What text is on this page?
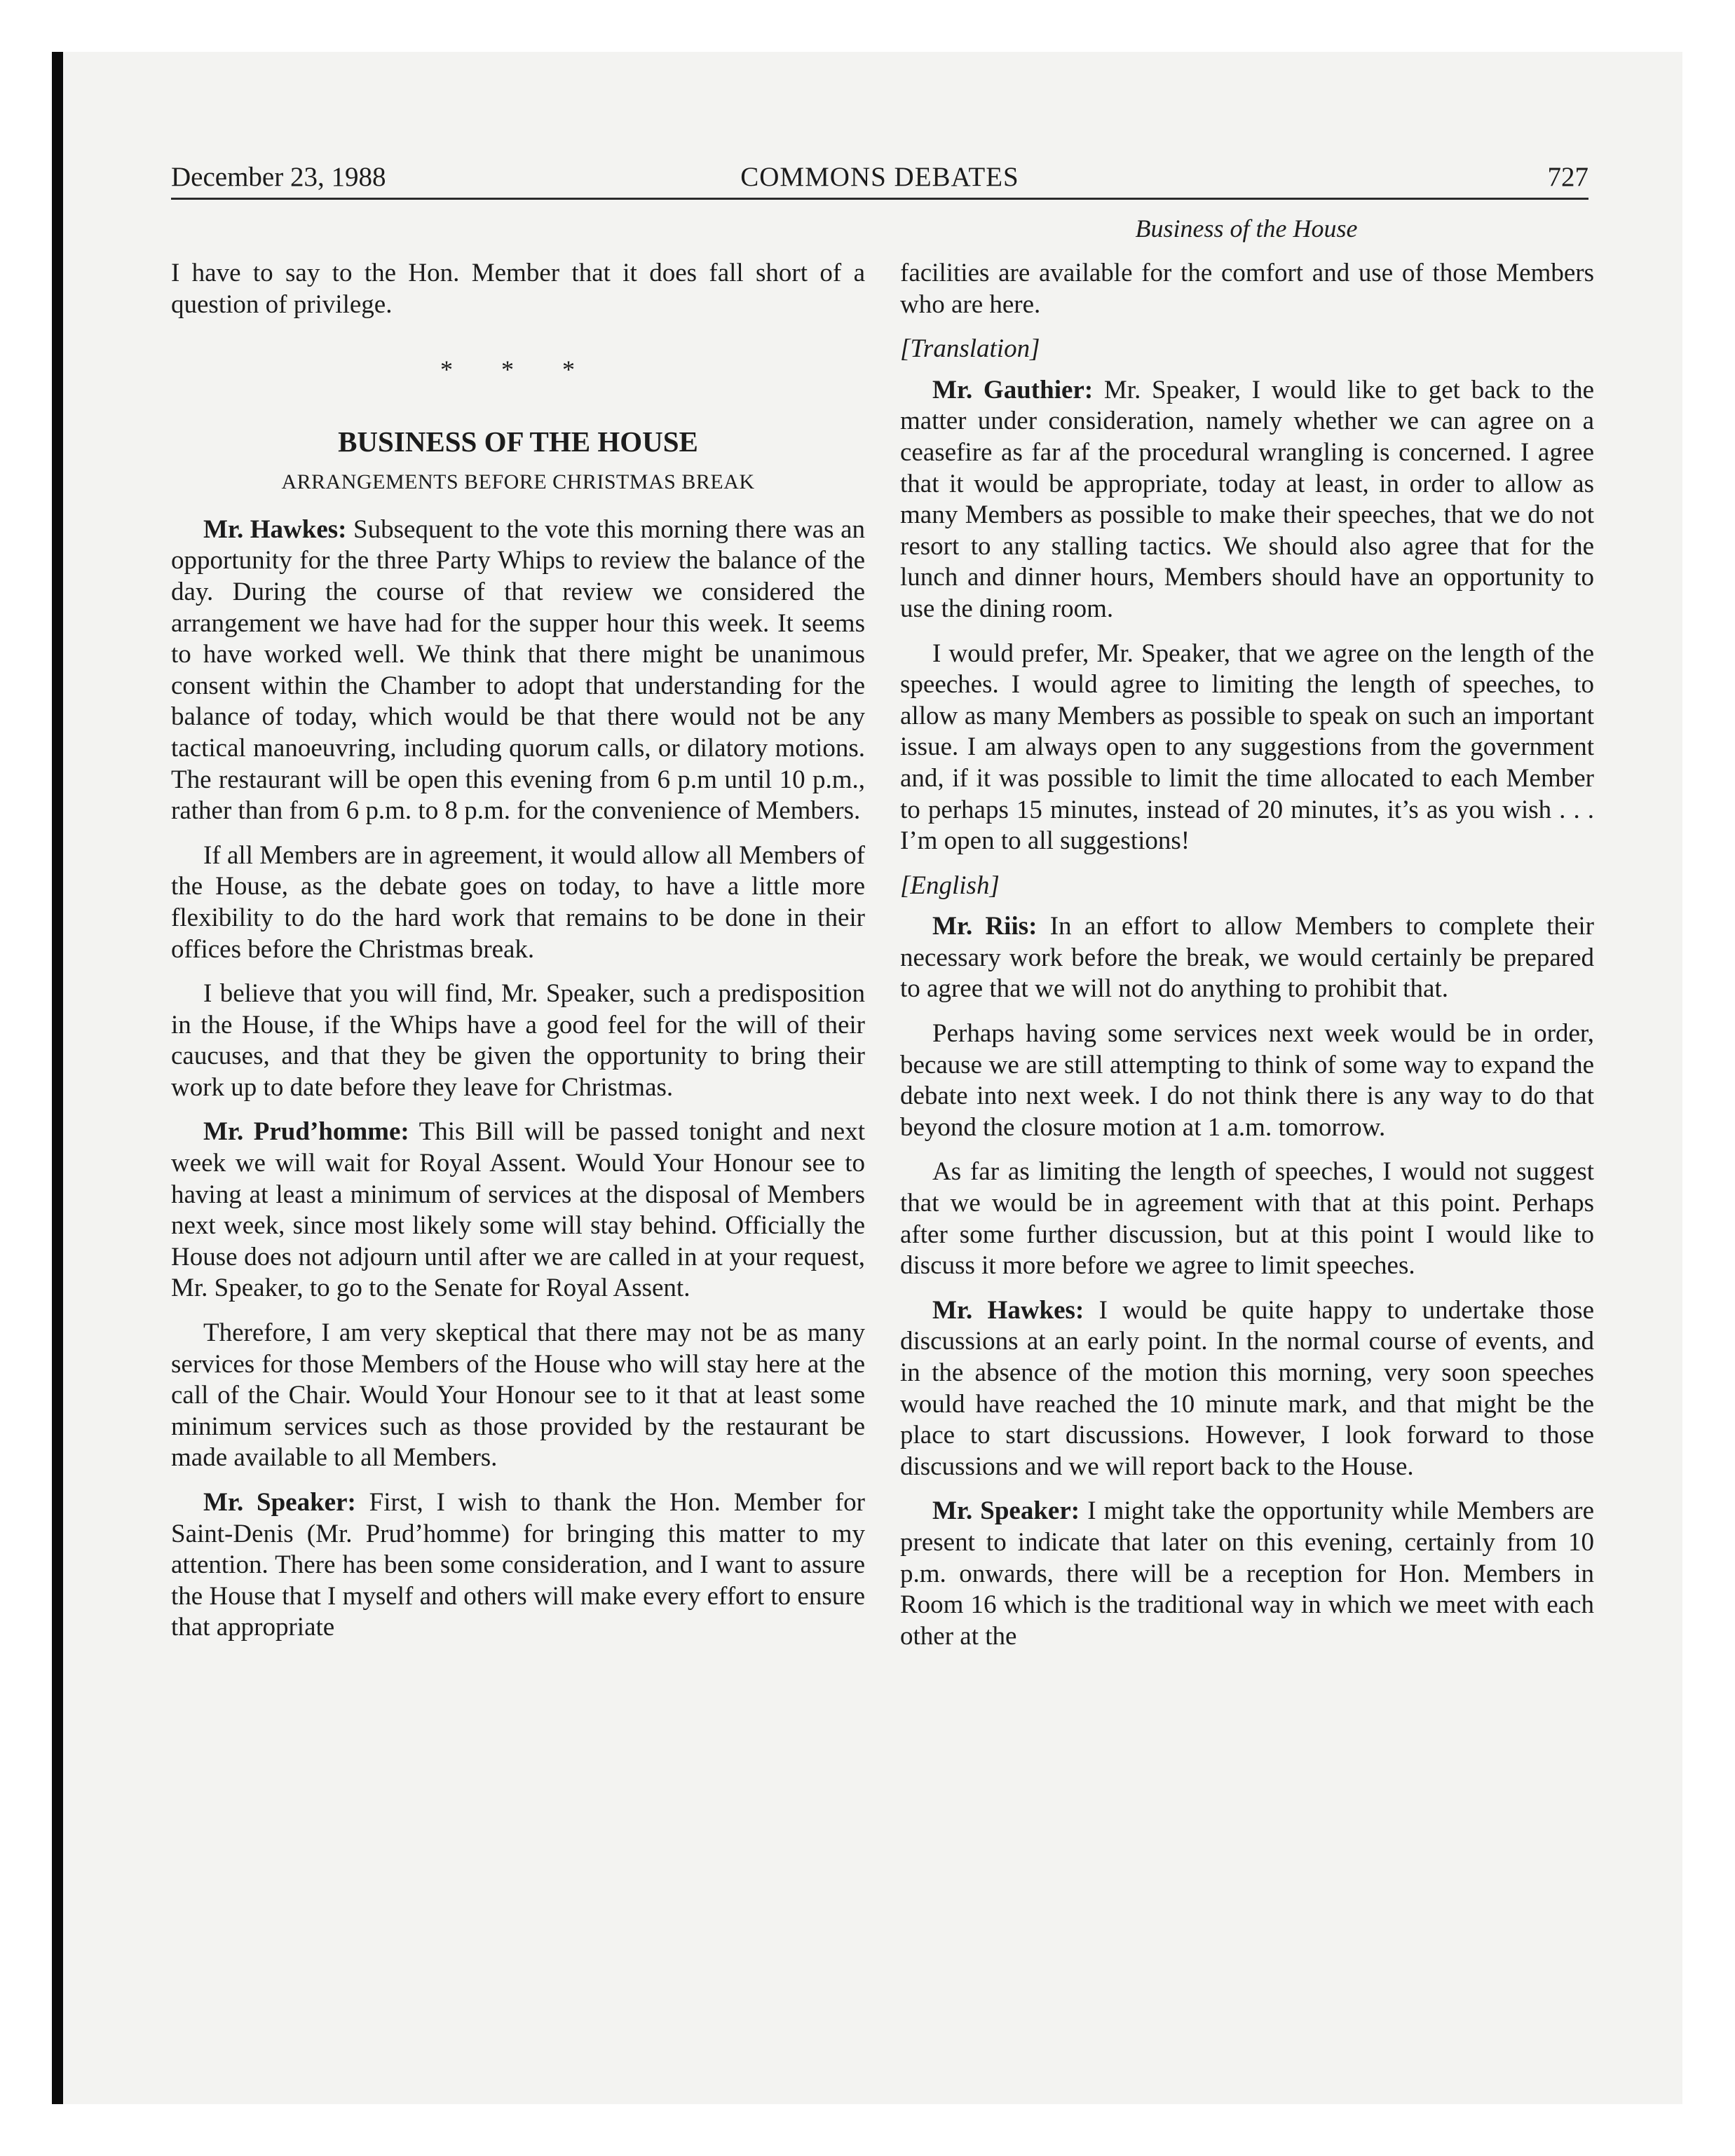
December 23, 1988	COMMONS DEBATES	727
Business of the House

I have to say to the Hon. Member that it does fall short of a question of privilege.

* * *
BUSINESS OF THE HOUSE
ARRANGEMENTS BEFORE CHRISTMAS BREAK

Mr. Hawkes: Subsequent to the vote this morning there was an opportunity for the three Party Whips to review the balance of the day. During the course of that review we considered the arrangement we have had for the supper hour this week. It seems to have worked well. We think that there might be unanimous consent within the Chamber to adopt that understanding for the balance of today, which would be that there would not be any tactical manoeuvring, including quorum calls, or dilatory motions. The restaurant will be open this evening from 6 p.m until 10 p.m., rather than from 6 p.m. to 8 p.m. for the convenience of Members.

If all Members are in agreement, it would allow all Members of the House, as the debate goes on today, to have a little more flexibility to do the hard work that remains to be done in their offices before the Christmas break.

I believe that you will find, Mr. Speaker, such a predisposition in the House, if the Whips have a good feel for the will of their caucuses, and that they be given the opportunity to bring their work up to date before they leave for Christmas.

Mr. Prud’homme: This Bill will be passed tonight and next week we will wait for Royal Assent. Would Your Honour see to having at least a minimum of services at the disposal of Members next week, since most likely some will stay behind. Officially the House does not adjourn until after we are called in at your request, Mr. Speaker, to go to the Senate for Royal Assent.

Therefore, I am very skeptical that there may not be as many services for those Members of the House who will stay here at the call of the Chair. Would Your Honour see to it that at least some minimum services such as those provided by the restaurant be made available to all Members.

Mr. Speaker: First, I wish to thank the Hon. Member for Saint-Denis (Mr. Prud’homme) for bringing this matter to my attention. There has been some consideration, and I want to assure the House that I myself and others will make every effort to ensure that appropriate

facilities are available for the comfort and use of those Members who are here.

[Translation]

Mr. Gauthier: Mr. Speaker, I would like to get back to the matter under consideration, namely whether we can agree on a ceasefire as far af the procedural wrangling is concerned. I agree that it would be appropriate, today at least, in order to allow as many Members as possible to make their speeches, that we do not resort to any stalling tactics. We should also agree that for the lunch and dinner hours, Members should have an opportunity to use the dining room.

I would prefer, Mr. Speaker, that we agree on the length of the speeches. I would agree to limiting the length of speeches, to allow as many Members as possible to speak on such an important issue. I am always open to any suggestions from the government and, if it was possible to limit the time allocated to each Member to perhaps 15 minutes, instead of 20 minutes, it’s as you wish . . . I’m open to all suggestions!

[English]

Mr. Riis: In an effort to allow Members to complete their necessary work before the break, we would certainly be prepared to agree that we will not do anything to prohibit that.

Perhaps having some services next week would be in order, because we are still attempting to think of some way to expand the debate into next week. I do not think there is any way to do that beyond the closure motion at 1 a.m. tomorrow.

As far as limiting the length of speeches, I would not suggest that we would be in agreement with that at this point. Perhaps after some further discussion, but at this point I would like to discuss it more before we agree to limit speeches.

Mr. Hawkes: I would be quite happy to undertake those discussions at an early point. In the normal course of events, and in the absence of the motion this morning, very soon speeches would have reached the 10 minute mark, and that might be the place to start discussions. However, I look forward to those discussions and we will report back to the House.

Mr. Speaker: I might take the opportunity while Members are present to indicate that later on this evening, certainly from 10 p.m. onwards, there will be a reception for Hon. Members in Room 16 which is the traditional way in which we meet with each other at the
